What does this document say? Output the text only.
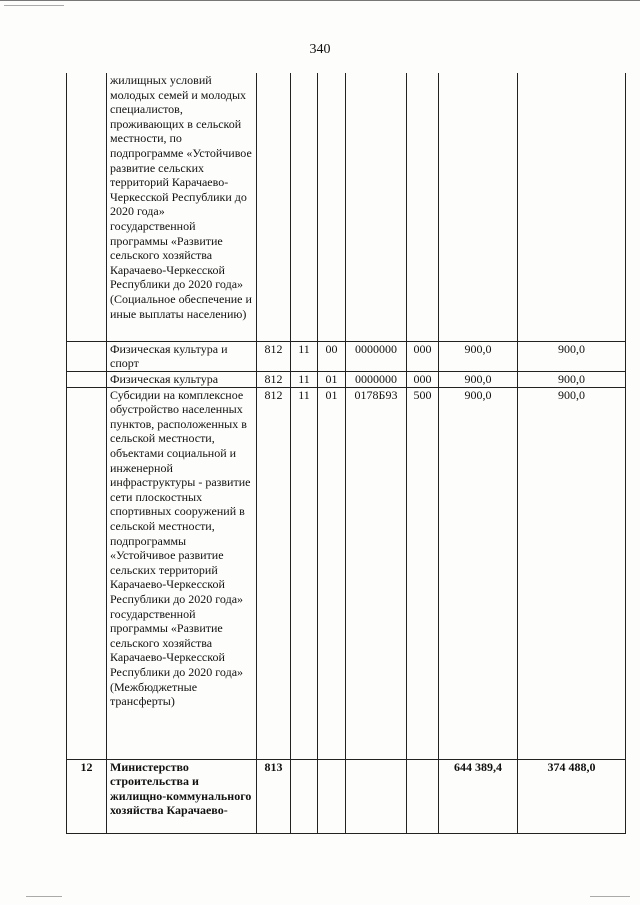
340
	жилищных условий молодых семей и молодых специалистов, проживающих в сельской местности, по подпрограмме «Устойчивое развитие сельских территорий Карачаево-Черкесской Республики до 2020 года» государственной программы «Развитие сельского хозяйства Карачаево-Черкесской Республики до 2020 года» (Социальное обеспечение и иные выплаты населению)							
	Физическая культура и спорт	812	11	00	0000000	000	900,0	900,0
	Физическая культура	812	11	01	0000000	000	900,0	900,0
	Субсидии на комплексное обустройство населенных пунктов, расположенных в сельской местности, объектами социальной и инженерной инфраструктуры - развитие сети плоскостных спортивных сооружений в сельской местности, подпрограммы «Устойчивое развитие сельских территорий Карачаево-Черкесской Республики до 2020 года» государственной программы «Развитие сельского хозяйства Карачаево-Черкесской Республики до 2020 года» (Межбюджетные трансферты)	812	11	01	0178Б93	500	900,0	900,0
12	Министерство строительства и жилищно-коммунального хозяйства Карачаево-	813					644 389,4	374 488,0
